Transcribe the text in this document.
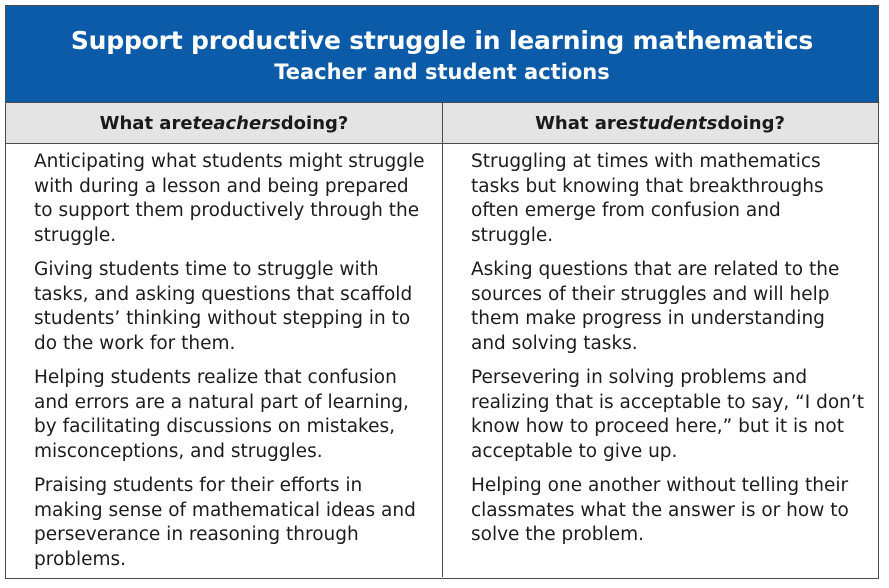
Support productive struggle in learning mathematics
Teacher and student actions
What are teachers doing?	What are students doing?

Anticipating what students might struggle with during a lesson and being prepared to support them productively through the struggle.

Giving students time to struggle with tasks, and asking questions that scaffold students’ thinking without stepping in to do the work for them.

Helping students realize that confusion and errors are a natural part of learning, by facilitating discussions on mistakes, misconceptions, and struggles.

Praising students for their efforts in making sense of mathematical ideas and perseverance in reasoning through problems.

Struggling at times with mathematics tasks but knowing that breakthroughs often emerge from confusion and struggle.

Asking questions that are related to the sources of their struggles and will help them make progress in understanding and solving tasks.

Persevering in solving problems and realizing that is acceptable to say, “I don’t know how to proceed here,” but it is not acceptable to give up.

Helping one another without telling their classmates what the answer is or how to solve the problem.
